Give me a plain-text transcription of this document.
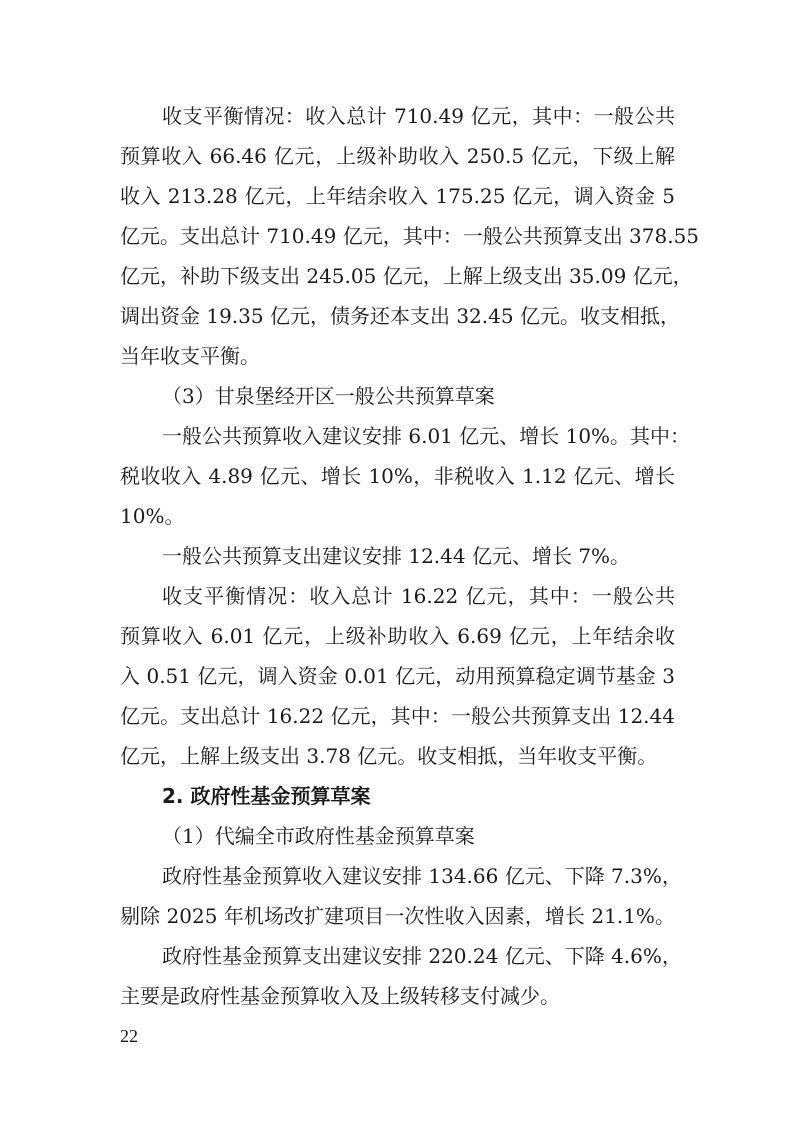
收支平衡情况：收入总计 710.49 亿元，其中：一般公共
预算收入 66.46 亿元，上级补助收入 250.5 亿元，下级上解
收入 213.28 亿元，上年结余收入 175.25 亿元，调入资金 5
亿元。支出总计 710.49 亿元，其中：一般公共预算支出 378.55
亿元，补助下级支出 245.05 亿元，上解上级支出 35.09 亿元，
调出资金 19.35 亿元，债务还本支出 32.45 亿元。收支相抵，
当年收支平衡。
（3）甘泉堡经开区一般公共预算草案
一般公共预算收入建议安排 6.01 亿元、增长 10%。其中：
税收收入 4.89 亿元、增长 10%，非税收入 1.12 亿元、增长
10%。
一般公共预算支出建议安排 12.44 亿元、增长 7%。
收支平衡情况：收入总计 16.22 亿元，其中：一般公共
预算收入 6.01 亿元，上级补助收入 6.69 亿元，上年结余收
入 0.51 亿元，调入资金 0.01 亿元，动用预算稳定调节基金 3
亿元。支出总计 16.22 亿元，其中：一般公共预算支出 12.44
亿元，上解上级支出 3.78 亿元。收支相抵，当年收支平衡。
2. 政府性基金预算草案
（1）代编全市政府性基金预算草案
政府性基金预算收入建议安排 134.66 亿元、下降 7.3%，
剔除 2025 年机场改扩建项目一次性收入因素，增长 21.1%。
政府性基金预算支出建议安排 220.24 亿元、下降 4.6%，
主要是政府性基金预算收入及上级转移支付减少。
22
